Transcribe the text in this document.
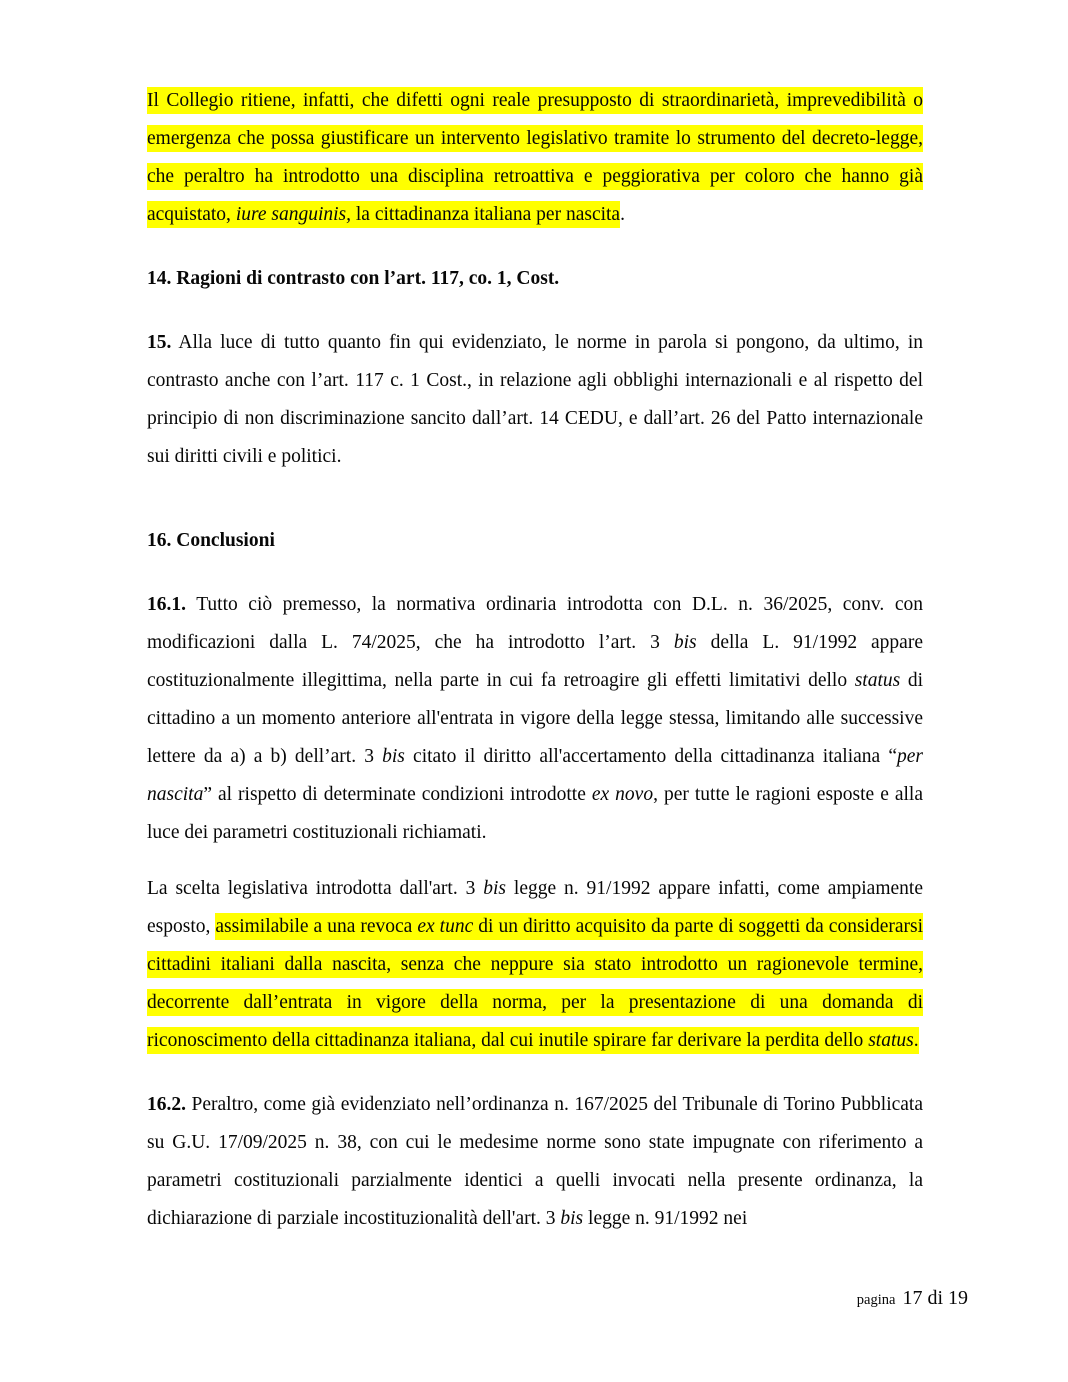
Il Collegio ritiene, infatti, che difetti ogni reale presupposto di straordinarietà, imprevedibilità o emergenza che possa giustificare un intervento legislativo tramite lo strumento del decreto-legge, che peraltro ha introdotto una disciplina retroattiva e peggiorativa per coloro che hanno già acquistato, iure sanguinis, la cittadinanza italiana per nascita.

14. Ragioni di contrasto con l’art. 117, co. 1, Cost.

15. Alla luce di tutto quanto fin qui evidenziato, le norme in parola si pongono, da ultimo, in contrasto anche con l’art. 117 c. 1 Cost., in relazione agli obblighi internazionali e al rispetto del principio di non discriminazione sancito dall’art. 14 CEDU, e dall’art. 26 del Patto internazionale sui diritti civili e politici.

16. Conclusioni

16.1. Tutto ciò premesso, la normativa ordinaria introdotta con D.L. n. 36/2025, conv. con modificazioni dalla L. 74/2025, che ha introdotto l’art. 3 bis della L. 91/1992 appare costituzionalmente illegittima, nella parte in cui fa retroagire gli effetti limitativi dello status di cittadino a un momento anteriore all'entrata in vigore della legge stessa, limitando alle successive lettere da a) a b) dell’art. 3 bis citato il diritto all'accertamento della cittadinanza italiana “per nascita” al rispetto di determinate condizioni introdotte ex novo, per tutte le ragioni esposte e alla luce dei parametri costituzionali richiamati.

La scelta legislativa introdotta dall'art. 3 bis legge n. 91/1992 appare infatti, come ampiamente esposto, assimilabile a una revoca ex tunc di un diritto acquisito da parte di soggetti da considerarsi cittadini italiani dalla nascita, senza che neppure sia stato introdotto un ragionevole termine, decorrente dall’entrata in vigore della norma, per la presentazione di una domanda di riconoscimento della cittadinanza italiana, dal cui inutile spirare far derivare la perdita dello status.

16.2. Peraltro, come già evidenziato nell’ordinanza n. 167/2025 del Tribunale di Torino Pubblicata su G.U. 17/09/2025 n. 38, con cui le medesime norme sono state impugnate con riferimento a parametri costituzionali parzialmente identici a quelli invocati nella presente ordinanza, la dichiarazione di parziale incostituzionalità dell'art. 3 bis legge n. 91/1992 nei

pagina 17 di 19
